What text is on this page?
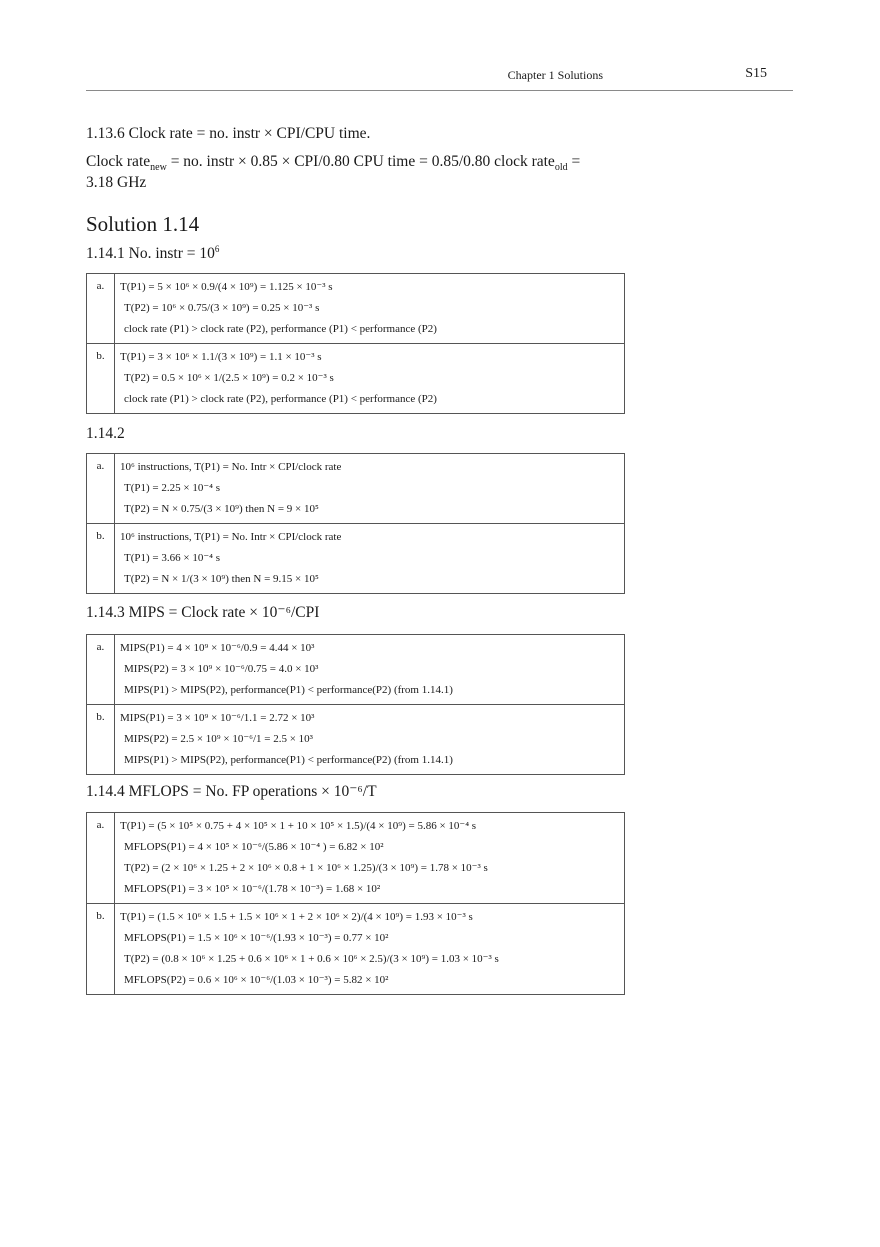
Chapter 1 Solutions	S15
1.13.6 Clock rate = no. instr × CPI/CPU time.
Clock rate$_{new}$ = no. instr × 0.85 × CPI/0.80 CPU time = 0.85/0.80 clock rate$_{old}$ =
3.18 GHz
Solution 1.14
1.14.1 No. instr = $10^6$
a.	T(P1) = 5 × 10⁶ × 0.9/(4 × 10⁹) = 1.125 × 10⁻³ s
T(P2) = 10⁶ × 0.75/(3 × 10⁹) = 0.25 × 10⁻³ s
clock rate (P1) > clock rate (P2), performance (P1) < performance (P2)

b.	T(P1) = 3 × 10⁶ × 1.1/(3 × 10⁹) = 1.1 × 10⁻³ s
T(P2) = 0.5 × 10⁶ × 1/(2.5 × 10⁹) = 0.2 × 10⁻³ s
clock rate (P1) > clock rate (P2), performance (P1) < performance (P2)
1.14.2
a.	10⁶ instructions, T(P1) = No. Intr × CPI/clock rate
T(P1) = 2.25 × 10⁻⁴ s
T(P2) = N × 0.75/(3 × 10⁹) then N = 9 × 10⁵

b.	10⁶ instructions, T(P1) = No. Intr × CPI/clock rate
T(P1) = 3.66 × 10⁻⁴ s
T(P2) = N × 1/(3 × 10⁹) then N = 9.15 × 10⁵
1.14.3 MIPS = Clock rate × 10⁻⁶/CPI
a.	MIPS(P1) = 4 × 10⁹ × 10⁻⁶/0.9 = 4.44 × 10³
MIPS(P2) = 3 × 10⁹ × 10⁻⁶/0.75 = 4.0 × 10³
MIPS(P1) > MIPS(P2), performance(P1) < performance(P2) (from 1.14.1)

b.	MIPS(P1) = 3 × 10⁹ × 10⁻⁶/1.1 = 2.72 × 10³
MIPS(P2) = 2.5 × 10⁹ × 10⁻⁶/1 = 2.5 × 10³
MIPS(P1) > MIPS(P2), performance(P1) < performance(P2) (from 1.14.1)
1.14.4 MFLOPS = No. FP operations × 10⁻⁶/T
a.	T(P1) = (5 × 10⁵ × 0.75 + 4 × 10⁵ × 1 + 10 × 10⁵ × 1.5)/(4 × 10⁹) = 5.86 × 10⁻⁴ s
MFLOPS(P1) = 4 × 10⁵ × 10⁻⁶/(5.86 × 10⁻⁴ ) = 6.82 × 10²
T(P2) = (2 × 10⁶ × 1.25 + 2 × 10⁶ × 0.8 + 1 × 10⁶ × 1.25)/(3 × 10⁹) = 1.78 × 10⁻³ s
MFLOPS(P1) = 3 × 10⁵ × 10⁻⁶/(1.78 × 10⁻³) = 1.68 × 10²

b.	T(P1) = (1.5 × 10⁶ × 1.5 + 1.5 × 10⁶ × 1 + 2 × 10⁶ × 2)/(4 × 10⁹) = 1.93 × 10⁻³ s
MFLOPS(P1) = 1.5 × 10⁶ × 10⁻⁶/(1.93 × 10⁻³) = 0.77 × 10²
T(P2) = (0.8 × 10⁶ × 1.25 + 0.6 × 10⁶ × 1 + 0.6 × 10⁶ × 2.5)/(3 × 10⁹) = 1.03 × 10⁻³ s
MFLOPS(P2) = 0.6 × 10⁶ × 10⁻⁶/(1.03 × 10⁻³) = 5.82 × 10²
